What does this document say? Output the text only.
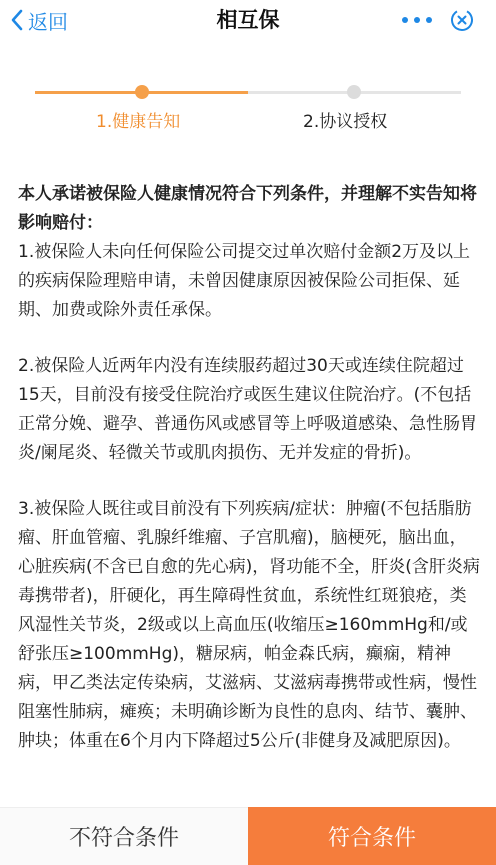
返回	相互保
1.健康告知	2.协议授权

本人承诺被保险人健康情况符合下列条件，并理解不实告知将影响赔付：

1.被保险人未向任何保险公司提交过单次赔付金额2万及以上的疾病保险理赔申请，未曾因健康原因被保险公司拒保、延期、加费或除外责任承保。

2.被保险人近两年内没有连续服药超过30天或连续住院超过15天，目前没有接受住院治疗或医生建议住院治疗。(不包括正常分娩、避孕、普通伤风或感冒等上呼吸道感染、急性肠胃炎/阑尾炎、轻微关节或肌肉损伤、无并发症的骨折)。

3.被保险人既往或目前没有下列疾病/症状：肿瘤(不包括脂肪瘤、肝血管瘤、乳腺纤维瘤、子宫肌瘤)，脑梗死，脑出血，心脏疾病(不含已自愈的先心病)，肾功能不全，肝炎(含肝炎病毒携带者)，肝硬化，再生障碍性贫血，系统性红斑狼疮，类风湿性关节炎，2级或以上高血压(收缩压≥160mmHg和/或舒张压≥100mmHg)，糖尿病，帕金森氏病，癫痫，精神病，甲乙类法定传染病，艾滋病、艾滋病毒携带或性病，慢性阻塞性肺病，瘫痪；未明确诊断为良性的息肉、结节、囊肿、肿块；体重在6个月内下降超过5公斤(非健身及减肥原因)。

不符合条件	符合条件
